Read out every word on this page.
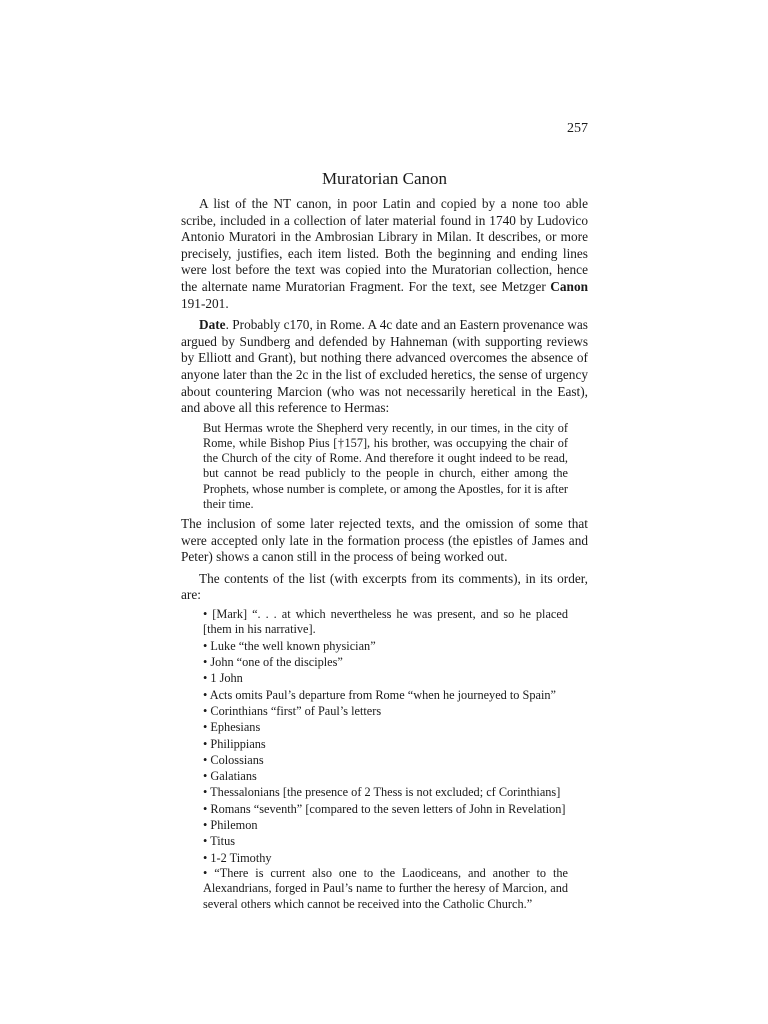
257
Muratorian Canon

A list of the NT canon, in poor Latin and copied by a none too able scribe, included in a collection of later material found in 1740 by Ludovico Antonio Muratori in the Ambrosian Library in Milan. It describes, or more precisely, justifies, each item listed. Both the beginning and ending lines were lost before the text was copied into the Muratorian collection, hence the alternate name Muratorian Fragment. For the text, see Metzger Canon 191-201.

Date. Probably c170, in Rome. A 4c date and an Eastern provenance was argued by Sundberg and defended by Hahneman (with supporting reviews by Elliott and Grant), but nothing there advanced overcomes the absence of anyone later than the 2c in the list of excluded heretics, the sense of urgency about countering Marcion (who was not necessarily heretical in the East), and above all this reference to Hermas:

But Hermas wrote the Shepherd very recently, in our times, in the city of Rome, while Bishop Pius [†157], his brother, was occupying the chair of the Church of the city of Rome. And therefore it ought indeed to be read, but cannot be read publicly to the people in church, either among the Prophets, whose number is complete, or among the Apostles, for it is after their time.

The inclusion of some later rejected texts, and the omission of some that were accepted only late in the formation process (the epistles of James and Peter) shows a canon still in the process of being worked out.

The contents of the list (with excerpts from its comments), in its order, are:

• [Mark] “. . . at which nevertheless he was present, and so he placed [them in his narrative].
• Luke “the well known physician”
• John “one of the disciples”
• 1 John
• Acts omits Paul’s departure from Rome “when he journeyed to Spain”
• Corinthians “first” of Paul’s letters
• Ephesians
• Philippians
• Colossians
• Galatians
• Thessalonians [the presence of 2 Thess is not excluded; cf Corinthians]
• Romans “seventh” [compared to the seven letters of John in Revelation]
• Philemon
• Titus
• 1-2 Timothy
• “There is current also one to the Laodiceans, and another to the Alexandrians, forged in Paul’s name to further the heresy of Marcion, and several others which cannot be received into the Catholic Church.”
